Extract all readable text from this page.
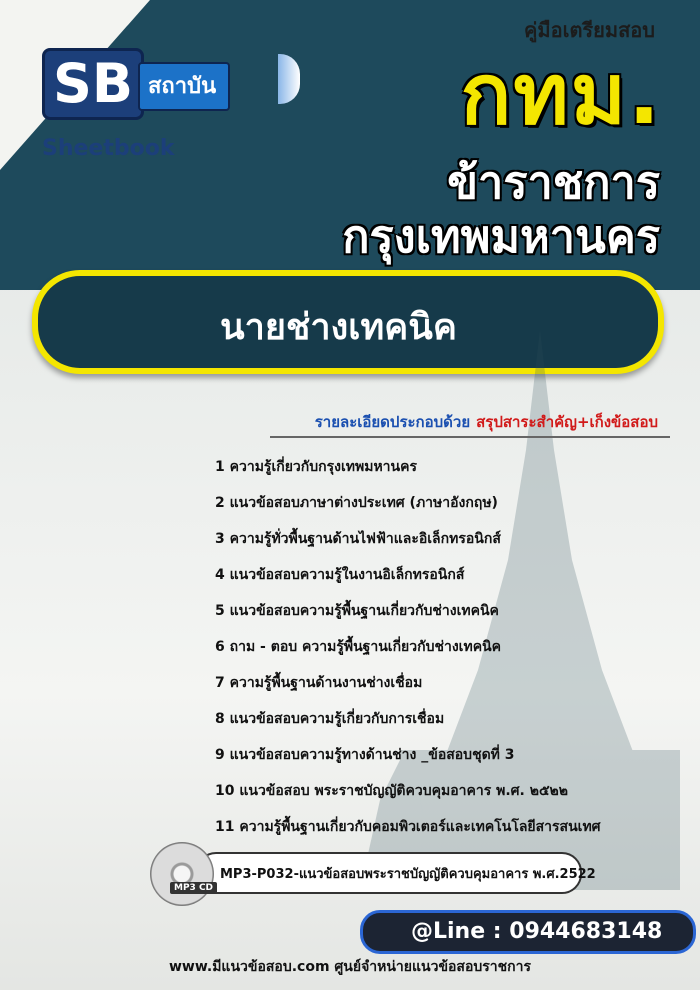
คู่มือเตรียมสอบ
SB สถาบัน
Sheetbook
กทม.
ข้าราชการ
กรุงเทพมหานคร
นายช่างเทคนิค
รายละเอียดประกอบด้วย สรุปสาระสำคัญ+เก็งข้อสอบ
1 ความรู้เกี่ยวกับกรุงเทพมหานคร
2 แนวข้อสอบภาษาต่างประเทศ (ภาษาอังกฤษ)
3 ความรู้ทั่วพื้นฐานด้านไฟฟ้าและอิเล็กทรอนิกส์
4 แนวข้อสอบความรู้ในงานอิเล็กทรอนิกส์
5 แนวข้อสอบความรู้พื้นฐานเกี่ยวกับช่างเทคนิค
6 ถาม - ตอบ ความรู้พื้นฐานเกี่ยวกับช่างเทคนิค
7 ความรู้พื้นฐานด้านงานช่างเชื่อม
8 แนวข้อสอบความรู้เกี่ยวกับการเชื่อม
9 แนวข้อสอบความรู้ทางด้านช่าง _ข้อสอบชุดที่ 3
10 แนวข้อสอบ พระราชบัญญัติควบคุมอาคาร พ.ศ. ๒๕๒๒
11 ความรู้พื้นฐานเกี่ยวกับคอมพิวเตอร์และเทคโนโลยีสารสนเทศ
MP3-P032-แนวข้อสอบพระราชบัญญัติควบคุมอาคาร พ.ศ.2522
MP3 CD
@Line : 0944683148
www.มีแนวข้อสอบ.com ศูนย์จำหน่ายแนวข้อสอบราชการ
